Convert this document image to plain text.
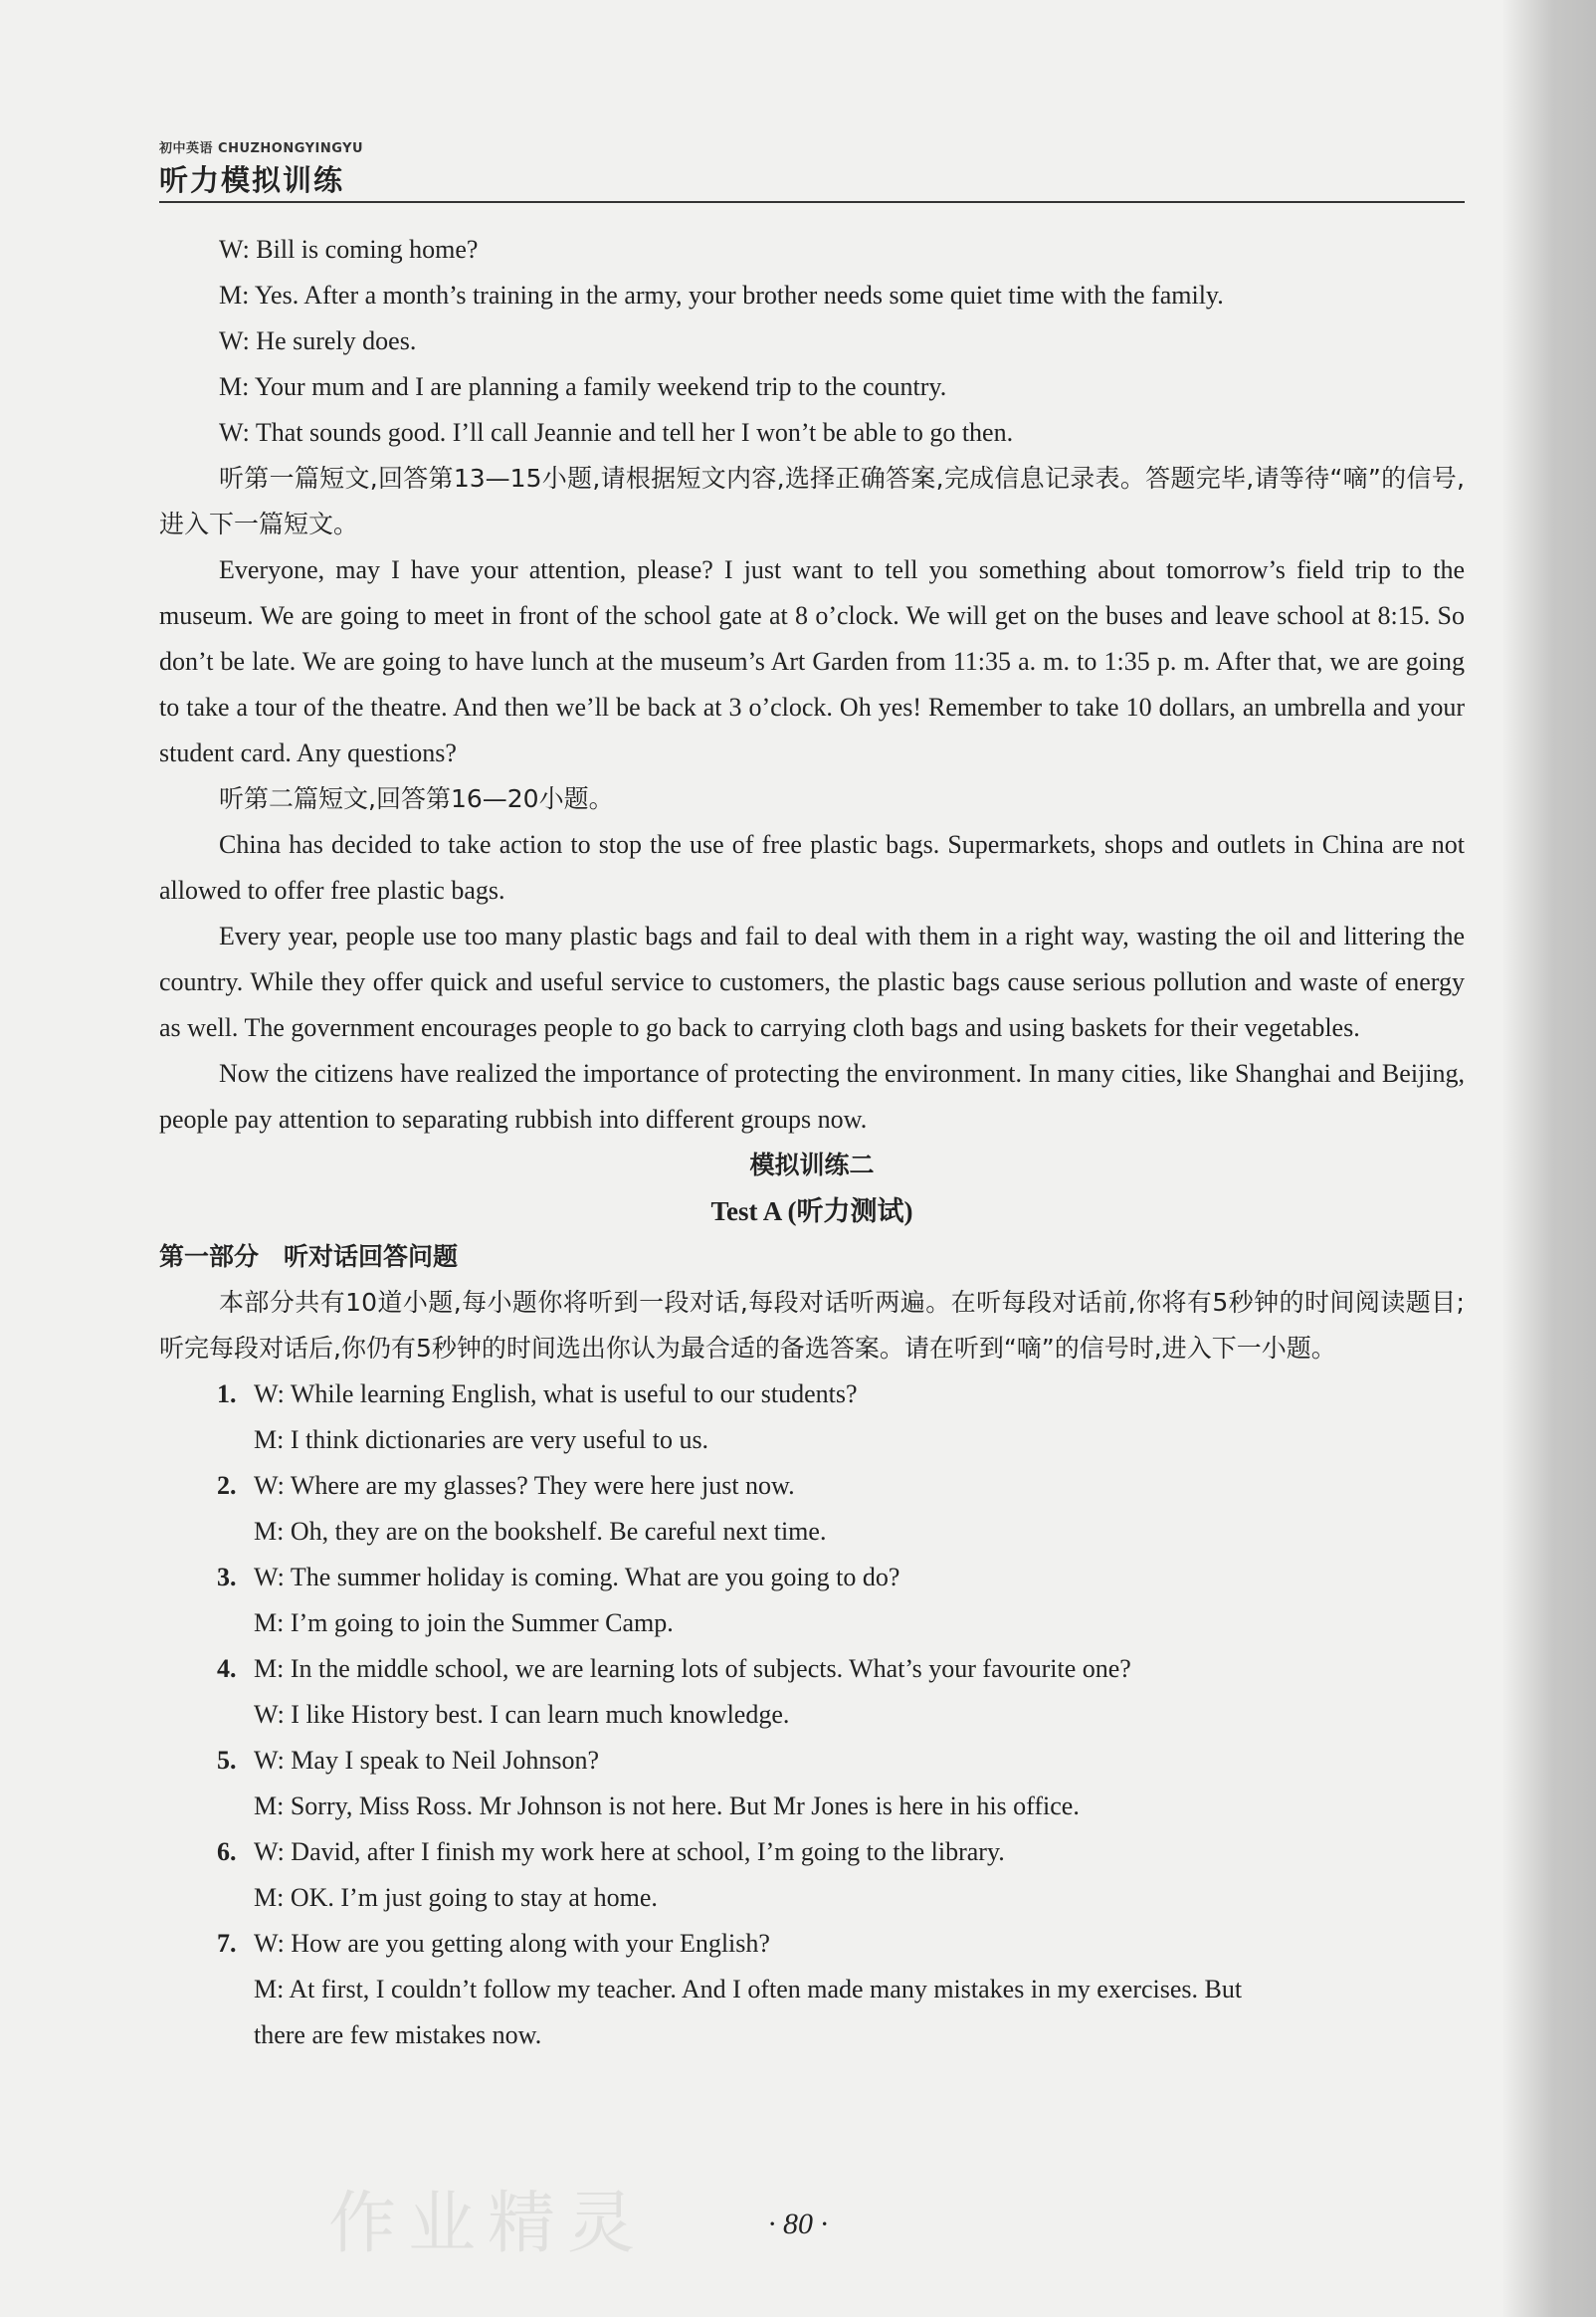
初中英语 CHUZHONGYINGYU
听力模拟训练

W: Bill is coming home?

M: Yes. After a month’s training in the army, your brother needs some quiet time with the family.

W: He surely does.

M: Your mum and I are planning a family weekend trip to the country.

W: That sounds good. I’ll call Jeannie and tell her I won’t be able to go then.

听第一篇短文,回答第13—15小题,请根据短文内容,选择正确答案,完成信息记录表。答题完毕,请等待“嘀”的信号,进入下一篇短文。

Everyone, may I have your attention, please? I just want to tell you something about tomorrow’s field trip to the museum. We are going to meet in front of the school gate at 8 o’clock. We will get on the buses and leave school at 8:15. So don’t be late. We are going to have lunch at the museum’s Art Garden from 11:35 a. m. to 1:35 p. m. After that, we are going to take a tour of the theatre. And then we’ll be back at 3 o’clock. Oh yes! Remember to take 10 dollars, an umbrella and your student card. Any questions?

听第二篇短文,回答第16—20小题。

China has decided to take action to stop the use of free plastic bags. Supermarkets, shops and outlets in China are not allowed to offer free plastic bags.

Every year, people use too many plastic bags and fail to deal with them in a right way, wasting the oil and littering the country. While they offer quick and useful service to customers, the plastic bags cause serious pollution and waste of energy as well. The government encourages people to go back to carrying cloth bags and using baskets for their vegetables.

Now the citizens have realized the importance of protecting the environment. In many cities, like Shanghai and Beijing, people pay attention to separating rubbish into different groups now.

模拟训练二

Test A (听力测试)

第一部分　听对话回答问题

本部分共有10道小题,每小题你将听到一段对话,每段对话听两遍。在听每段对话前,你将有5秒钟的时间阅读题目;听完每段对话后,你仍有5秒钟的时间选出你认为最合适的备选答案。请在听到“嘀”的信号时,进入下一小题。

1. W: While learning English, what is useful to our students?
M: I think dictionaries are very useful to us.
2. W: Where are my glasses? They were here just now.
M: Oh, they are on the bookshelf. Be careful next time.
3. W: The summer holiday is coming. What are you going to do?
M: I’m going to join the Summer Camp.
4. M: In the middle school, we are learning lots of subjects. What’s your favourite one?
W: I like History best. I can learn much knowledge.
5. W: May I speak to Neil Johnson?
M: Sorry, Miss Ross. Mr Johnson is not here. But Mr Jones is here in his office.
6. W: David, after I finish my work here at school, I’m going to the library.
M: OK. I’m just going to stay at home.
7. W: How are you getting along with your English?
M: At first, I couldn’t follow my teacher. And I often made many mistakes in my exercises. But
there are few mistakes now.
作业精灵	· 80 ·
